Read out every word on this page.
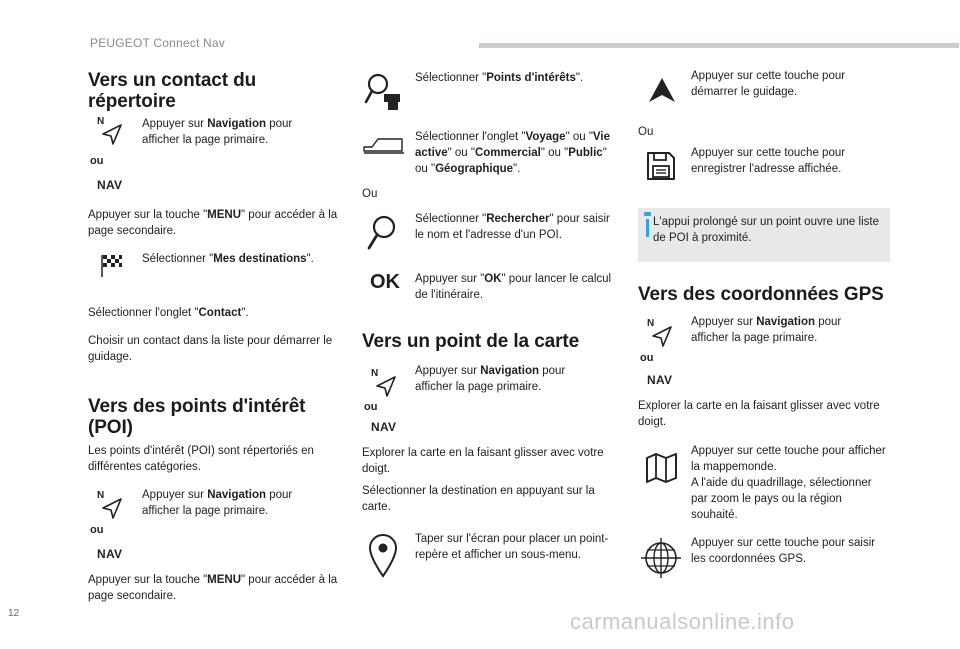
PEUGEOT Connect Nav
Vers un contact du
répertoire
N
ou
NAV
Appuyer sur Navigation pour afficher la page primaire.
Appuyer sur la touche "MENU" pour accéder à la page secondaire.
Sélectionner "Mes destinations".
Sélectionner l'onglet "Contact".
Choisir un contact dans la liste pour démarrer le guidage.
Vers des points d'intérêt
(POI)
Les points d'intérêt (POI) sont répertoriés en différentes catégories.
N
ou
NAV
Appuyer sur Navigation pour afficher la page primaire.
Appuyer sur la touche "MENU" pour accéder à la page secondaire.
Sélectionner "Points d'intérêts".
Sélectionner l'onglet "Voyage" ou "Vie active" ou "Commercial" ou "Public" ou "Géographique".
Ou
Sélectionner "Rechercher" pour saisir le nom et l'adresse d'un POI.
OK Appuyer sur "OK" pour lancer le calcul de l'itinéraire.
Vers un point de la carte
N
ou
NAV
Appuyer sur Navigation pour afficher la page primaire.
Explorer la carte en la faisant glisser avec votre doigt.
Sélectionner la destination en appuyant sur la carte.
Taper sur l'écran pour placer un point-repère et afficher un sous-menu.
Appuyer sur cette touche pour démarrer le guidage.
Ou
Appuyer sur cette touche pour enregistrer l'adresse affichée.
L'appui prolongé sur un point ouvre une liste de POI à proximité.
Vers des coordonnées GPS
N
ou
NAV
Appuyer sur Navigation pour afficher la page primaire.
Explorer la carte en la faisant glisser avec votre doigt.
Appuyer sur cette touche pour afficher la mappemonde.
A l'aide du quadrillage, sélectionner par zoom le pays ou la région souhaité.
Appuyer sur cette touche pour saisir les coordonnées GPS.
12	carmanualsonline.info
